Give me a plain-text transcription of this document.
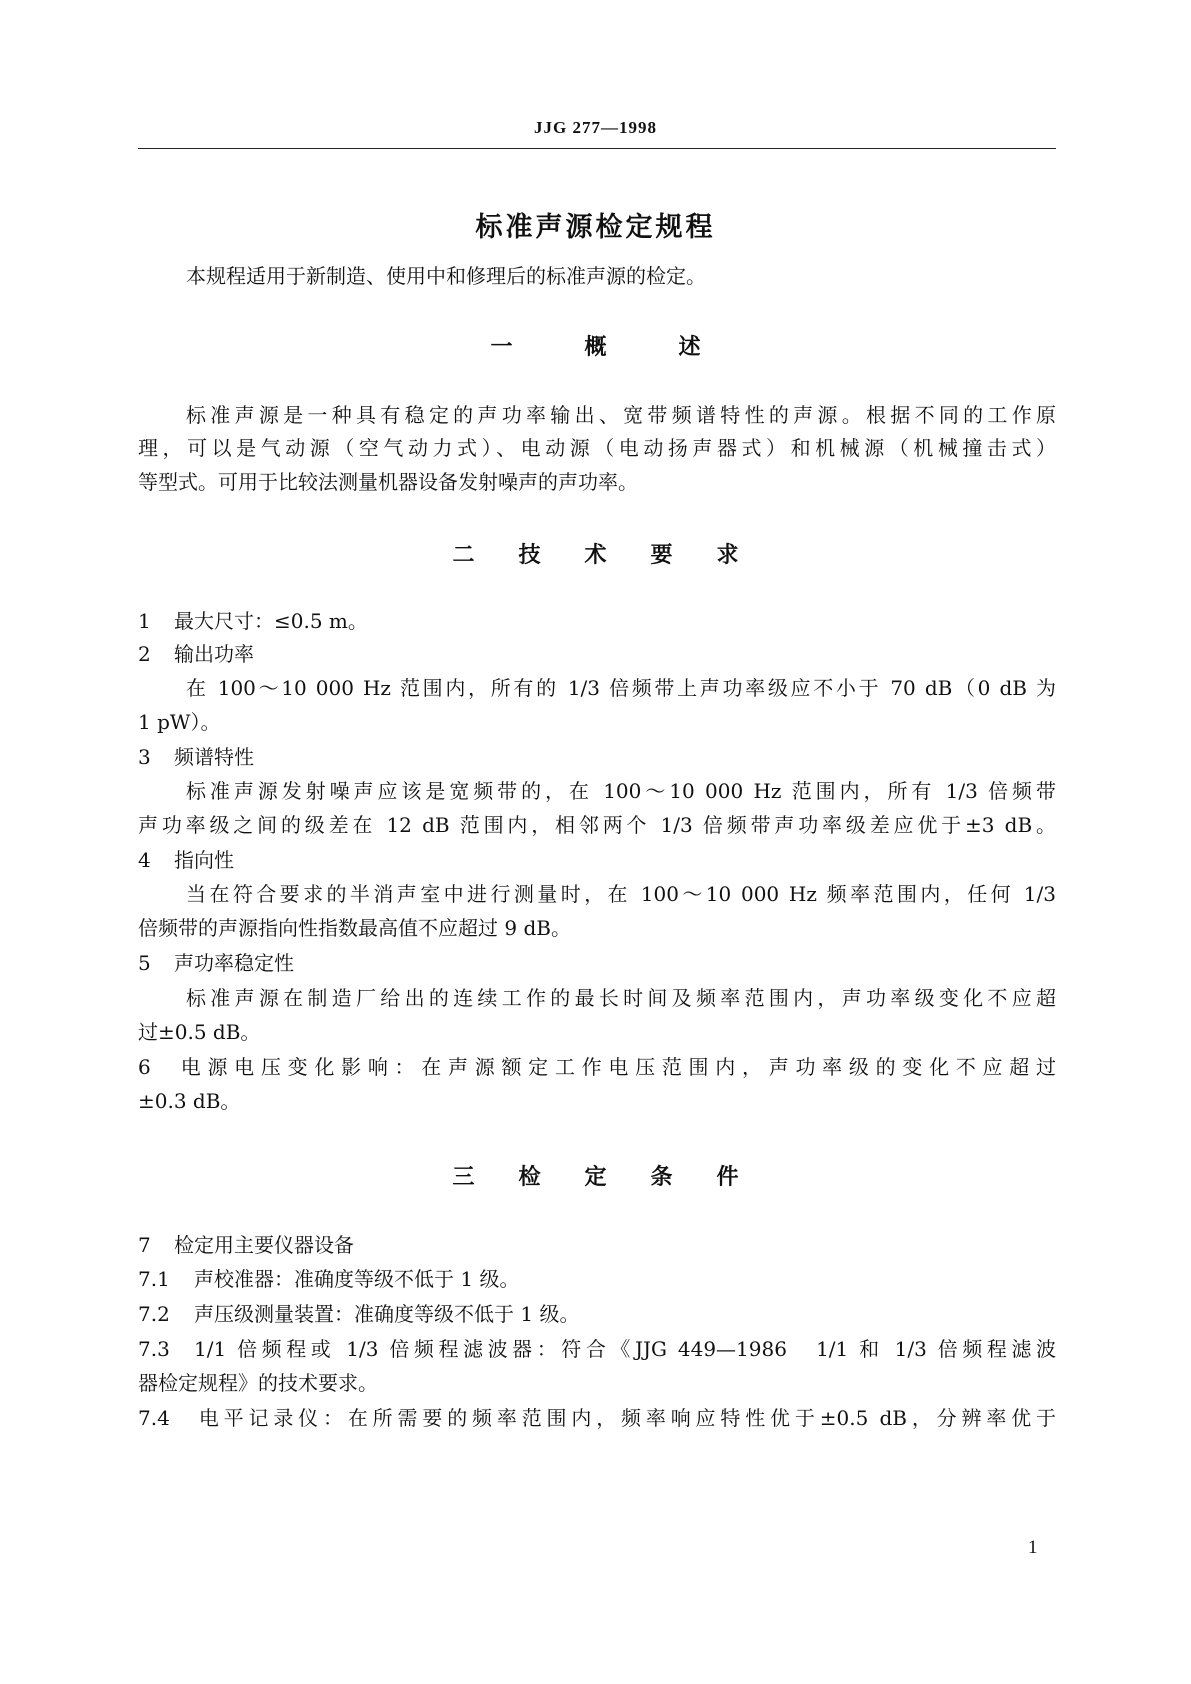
JJG 277—1998
标准声源检定规程
本规程适用于新制造、使用中和修理后的标准声源的检定。
一	概	述
标准声源是一种具有稳定的声功率输出、宽带频谱特性的声源。根据不同的工作原
理，可以是气动源（空气动力式）、电动源（电动扬声器式）和机械源（机械撞击式）
等型式。可用于比较法测量机器设备发射噪声的声功率。
二 技 术 要 求
1 最大尺寸：≤0.5 m。
2 输出功率
在 100～10 000 Hz 范围内，所有的 1/3 倍频带上声功率级应不小于 70 dB（0 dB 为
1 pW）。
3 频谱特性
标准声源发射噪声应该是宽频带的，在 100～10 000 Hz 范围内，所有 1/3 倍频带
声功率级之间的级差在 12 dB 范围内，相邻两个 1/3 倍频带声功率级差应优于±3 dB。
4 指向性
当在符合要求的半消声室中进行测量时，在 100～10 000 Hz 频率范围内，任何 1/3
倍频带的声源指向性指数最高值不应超过 9 dB。
5 声功率稳定性
标准声源在制造厂给出的连续工作的最长时间及频率范围内，声功率级变化不应超
过±0.5 dB。
6 电源电压变化影响：在声源额定工作电压范围内，声功率级的变化不应超过
±0.3 dB。
三 检 定 条 件
7 检定用主要仪器设备
7.1 声校准器：准确度等级不低于 1 级。
7.2 声压级测量装置：准确度等级不低于 1 级。
7.3 1/1 倍频程或 1/3 倍频程滤波器：符合《JJG 449—1986　1/1 和 1/3 倍频程滤波
器检定规程》的技术要求。
7.4 电平记录仪：在所需要的频率范围内，频率响应特性优于±0.5 dB，分辨率优于
1
